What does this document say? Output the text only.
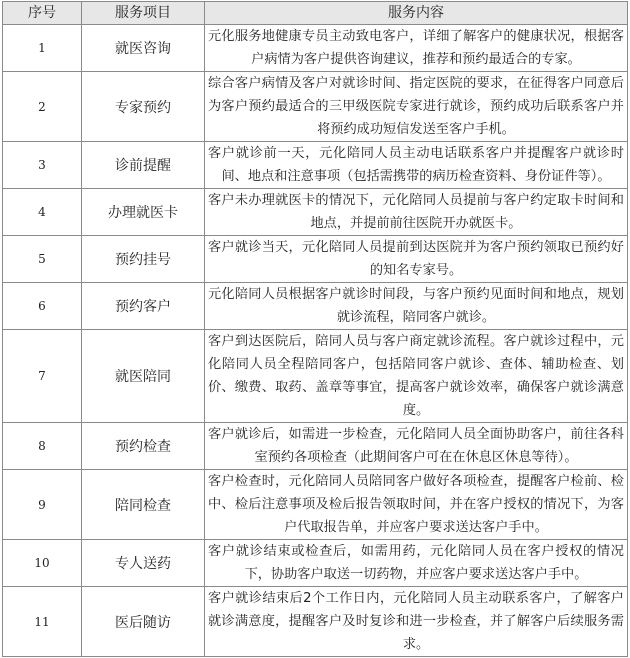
序号	服务项目	服务内容
1	就医咨询	元化服务地健康专员主动致电客户，详细了解客户的健康状况，根据客户病情为客户提供咨询建议，推荐和预约最适合的专家。
2	专家预约	综合客户病情及客户对就诊时间、指定医院的要求，在征得客户同意后为客户预约最适合的三甲级医院专家进行就诊，预约成功后联系客户并将预约成功短信发送至客户手机。
3	诊前提醒	客户就诊前一天，元化陪同人员主动电话联系客户并提醒客户就诊时间、地点和注意事项（包括需携带的病历检查资料、身份证件等）。
4	办理就医卡	客户未办理就医卡的情况下，元化陪同人员提前与客户约定取卡时间和地点，并提前前往医院开办就医卡。
5	预约挂号	客户就诊当天，元化陪同人员提前到达医院并为客户预约领取已预约好的知名专家号。
6	预约客户	元化陪同人员根据客户就诊时间段，与客户预约见面时间和地点，规划就诊流程，陪同客户就诊。
7	就医陪同	客户到达医院后，陪同人员与客户商定就诊流程。客户就诊过程中，元化陪同人员全程陪同客户，包括陪同客户就诊、查体、辅助检查、划价、缴费、取药、盖章等事宜，提高客户就诊效率，确保客户就诊满意度。
8	预约检查	客户就诊后，如需进一步检查，元化陪同人员全面协助客户，前往各科室预约各项检查（此期间客户可在在休息区休息等待）。
9	陪同检查	客户检查时，元化陪同人员陪同客户做好各项检查，提醒客户检前、检中、检后注意事项及检后报告领取时间，并在客户授权的情况下，为客户代取报告单，并应客户要求送达客户手中。
10	专人送药	客户就诊结束或检查后，如需用药，元化陪同人员在客户授权的情况下，协助客户取送一切药物，并应客户要求送达客户手中。
11	医后随访	客户就诊结束后2个工作日内，元化陪同人员主动联系客户，了解客户就诊满意度，提醒客户及时复诊和进一步检查，并了解客户后续服务需求。
